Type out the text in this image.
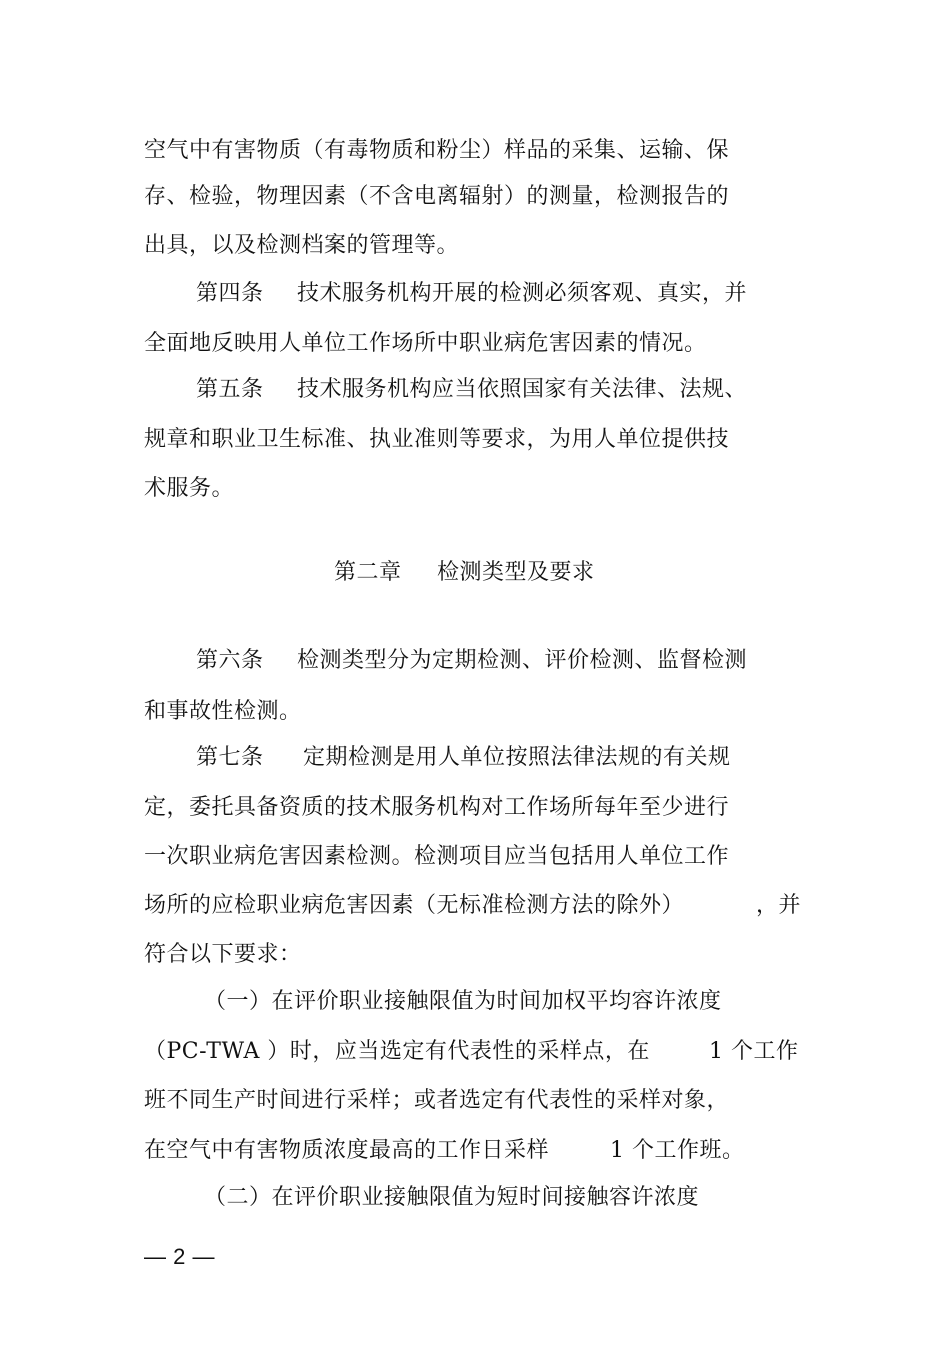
空气中有害物质（有毒物质和粉尘）样品的采集、运输、保
存、检验，物理因素（不含电离辐射）的测量，检测报告的
出具，以及检测档案的管理等。
第四条 技术服务机构开展的检测必须客观、真实，并
全面地反映用人单位工作场所中职业病危害因素的情况。
第五条 技术服务机构应当依照国家有关法律、法规、
规章和职业卫生标准、执业准则等要求，为用人单位提供技
术服务。
第二章 检测类型及要求
第六条 检测类型分为定期检测、评价检测、监督检测
和事故性检测。
第七条 定期检测是用人单位按照法律法规的有关规
定，委托具备资质的技术服务机构对工作场所每年至少进行
一次职业病危害因素检测。检测项目应当包括用人单位工作
场所的应检职业病危害因素（无标准检测方法的除外）	，并
符合以下要求：
（一）在评价职业接触限值为时间加权平均容许浓度
（PC-TWA ）时，应当选定有代表性的采样点，在	1 个工作
班不同生产时间进行采样；或者选定有代表性的采样对象，
在空气中有害物质浓度最高的工作日采样	1 个工作班。
（二）在评价职业接触限值为短时间接触容许浓度
— 2 —
